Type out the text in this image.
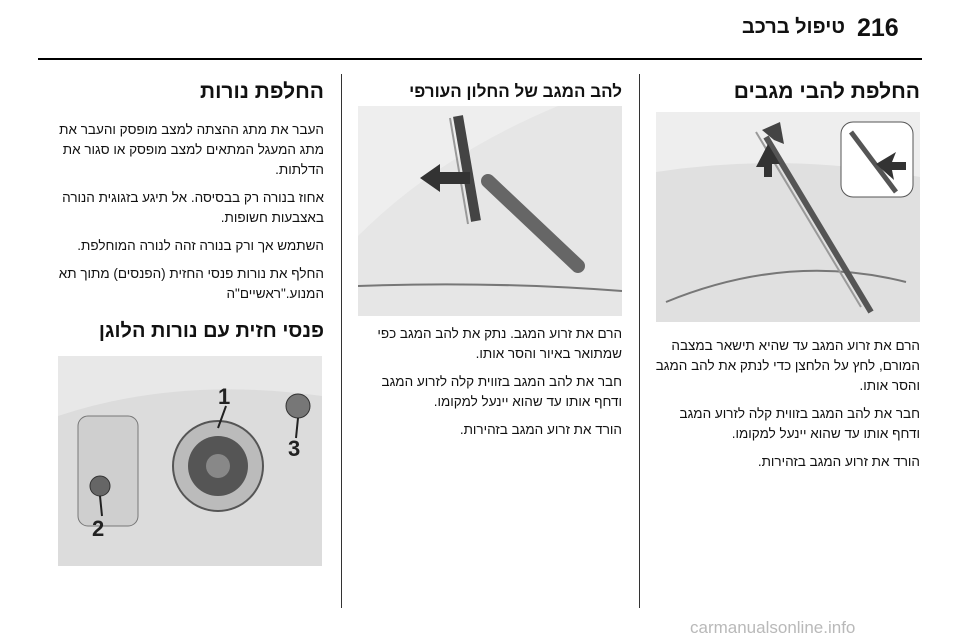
216
טיפול ברכב
החלפת להבי מגבים

הרם את זרוע המגב עד שהיא תישאר במצבה המורם, לחץ על הלחצן כדי לנתק את להב המגב והסר אותו.

חבר את להב המגב בזווית קלה לזרוע המגב ודחף אותו עד שהוא יינעל למקומו.

הורד את זרוע המגב בזהירות.

להב המגב של החלון העורפי

הרם את זרוע המגב. נתק את להב המגב כפי שמתואר באיור והסר אותו.

חבר את להב המגב בזווית קלה לזרוע המגב ודחף אותו עד שהוא יינעל למקומו.

הורד את זרוע המגב בזהירות.

החלפת נורות

העבר את מתג ההצתה למצב מופסק והעבר את מתג המעגל המתאים למצב מופסק או סגור את הדלתות.

אחוז בנורה רק בבסיסה. אל תיגע בזגוגית הנורה באצבעות חשופות.

השתמש אך ורק בנורה זהה לנורה המוחלפת.

החלף את נורות פנסי החזית (הפנסים) מתוך תא המנוע."ראשיים"ה

פנסי חזית עם נורות הלוגן
1
3
2
carmanualsonline.info
